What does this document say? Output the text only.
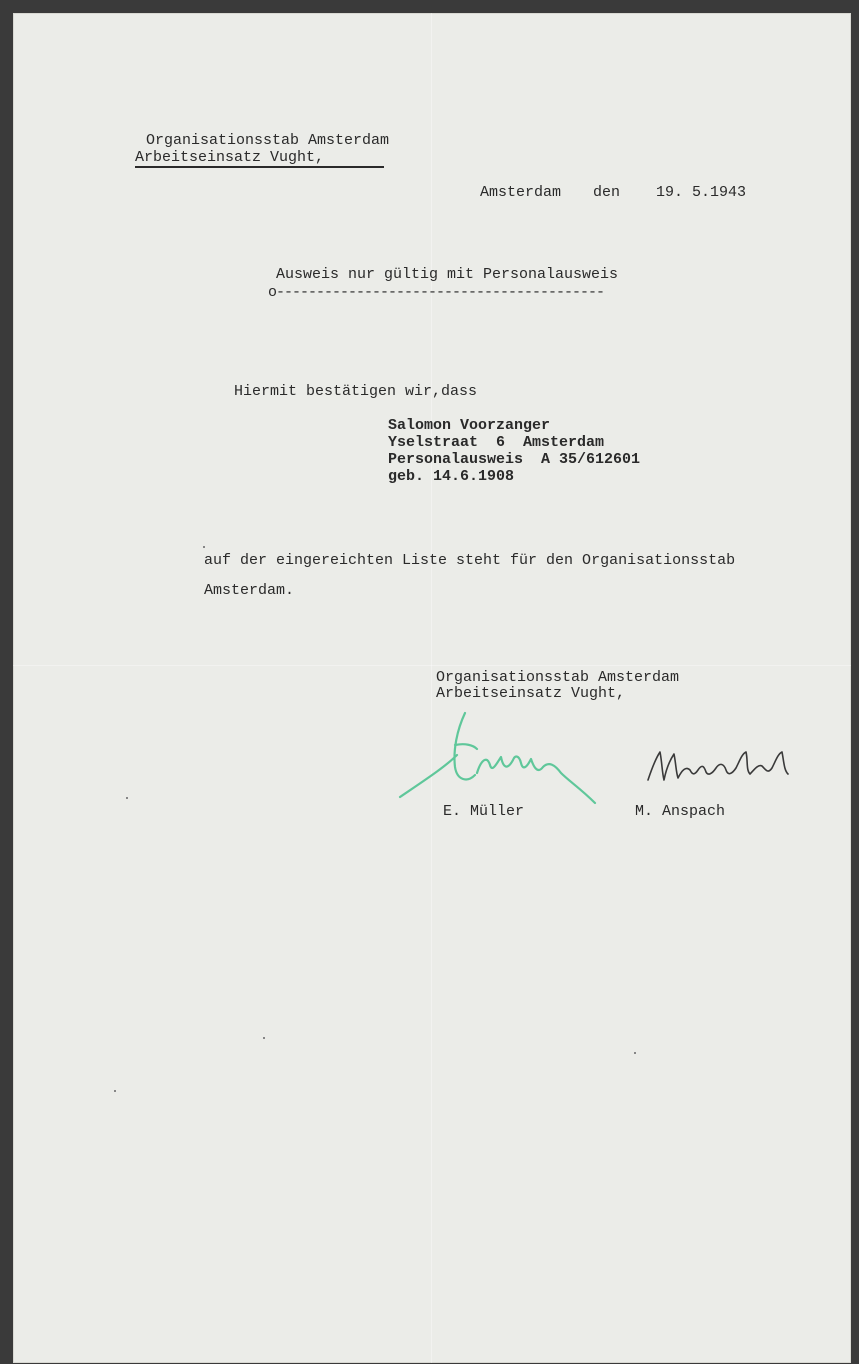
Organisationsstab Amsterdam
Arbeitseinsatz Vught,
Amsterdam den 19. 5.1943
Ausweis nur gültig mit Personalausweis
o-----------------------------------------
Hiermit bestätigen wir,dass
Salomon Voorzanger
Yselstraat  6  Amsterdam
Personalausweis  A 35/612601
geb. 14.6.1908
auf der eingereichten Liste steht für den Organisationsstab
Amsterdam.
Organisationsstab Amsterdam
Arbeitseinsatz Vught,
E. Müller	M. Anspach
